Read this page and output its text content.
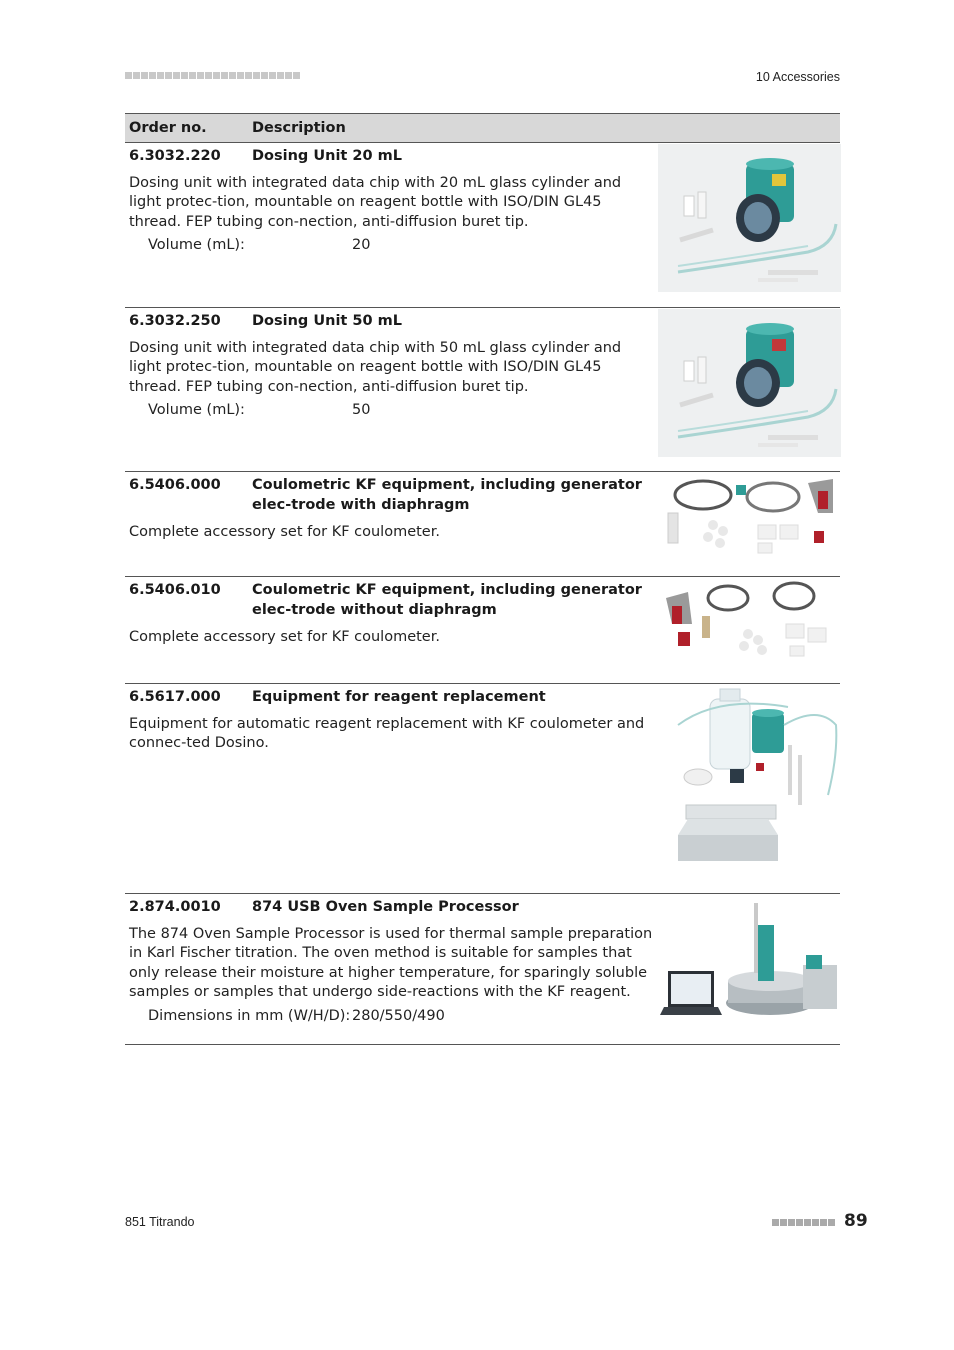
10 Accessories
Order no.	Description
6.3032.220	Dosing Unit 20 mL
Dosing unit with integrated data chip with 20 mL glass cylinder and light protec-tion, mountable on reagent bottle with ISO/DIN GL45 thread. FEP tubing con-nection, anti-diffusion buret tip.
Volume (mL):	20
6.3032.250	Dosing Unit 50 mL
Dosing unit with integrated data chip with 50 mL glass cylinder and light protec-tion, mountable on reagent bottle with ISO/DIN GL45 thread. FEP tubing con-nection, anti-diffusion buret tip.
Volume (mL):	50
6.5406.000	Coulometric KF equipment, including generator elec-trode with diaphragm
Complete accessory set for KF coulometer.
6.5406.010	Coulometric KF equipment, including generator elec-trode without diaphragm
Complete accessory set for KF coulometer.
6.5617.000	Equipment for reagent replacement
Equipment for automatic reagent replacement with KF coulometer and connec-ted Dosino.
2.874.0010	874 USB Oven Sample Processor
The 874 Oven Sample Processor is used for thermal sample preparation in Karl Fischer titration. The oven method is suitable for samples that only release their moisture at higher temperature, for sparingly soluble samples or samples that undergo side-reactions with the KF reagent.
Dimensions in mm (W/H/D): 280/550/490
851 Titrando	89
